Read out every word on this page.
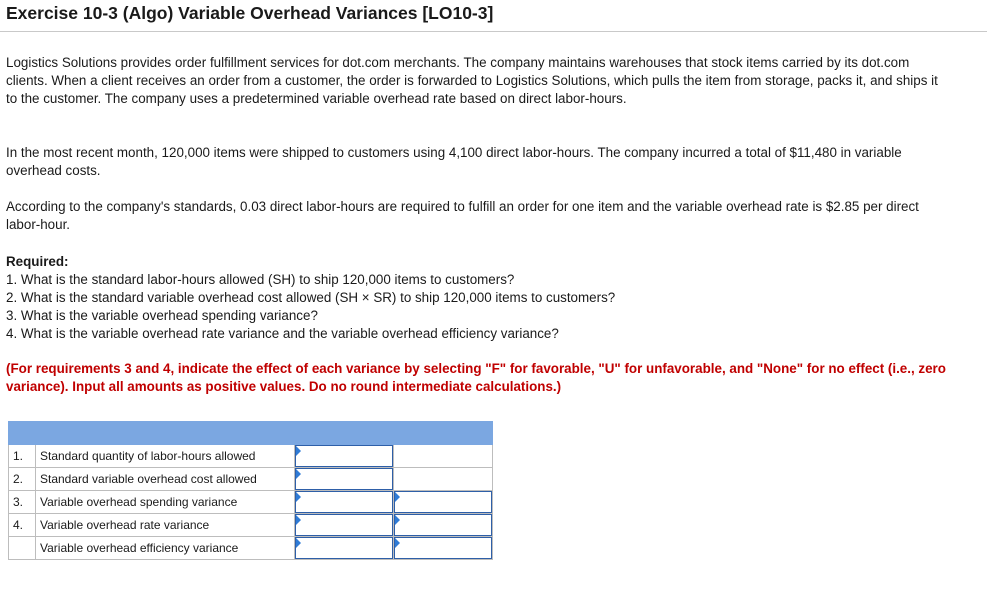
Exercise 10-3 (Algo) Variable Overhead Variances [LO10-3]

Logistics Solutions provides order fulfillment services for dot.com merchants. The company maintains warehouses that stock items carried by its dot.com clients. When a client receives an order from a customer, the order is forwarded to Logistics Solutions, which pulls the item from storage, packs it, and ships it to the customer. The company uses a predetermined variable overhead rate based on direct labor-hours.

In the most recent month, 120,000 items were shipped to customers using 4,100 direct labor-hours. The company incurred a total of $11,480 in variable overhead costs.

According to the company's standards, 0.03 direct labor-hours are required to fulfill an order for one item and the variable overhead rate is $2.85 per direct labor-hour.

Required:
1. What is the standard labor-hours allowed (SH) to ship 120,000 items to customers?
2. What is the standard variable overhead cost allowed (SH × SR) to ship 120,000 items to customers?
3. What is the variable overhead spending variance?
4. What is the variable overhead rate variance and the variable overhead efficiency variance?

(For requirements 3 and 4, indicate the effect of each variance by selecting "F" for favorable, "U" for unfavorable, and "None" for no effect (i.e., zero variance). Input all amounts as positive values. Do no round intermediate calculations.)

1.	Standard quantity of labor-hours allowed	

2.	Standard variable overhead cost allowed	

3.	Variable overhead spending variance	

4.	Variable overhead rate variance	

	Variable overhead efficiency variance	
